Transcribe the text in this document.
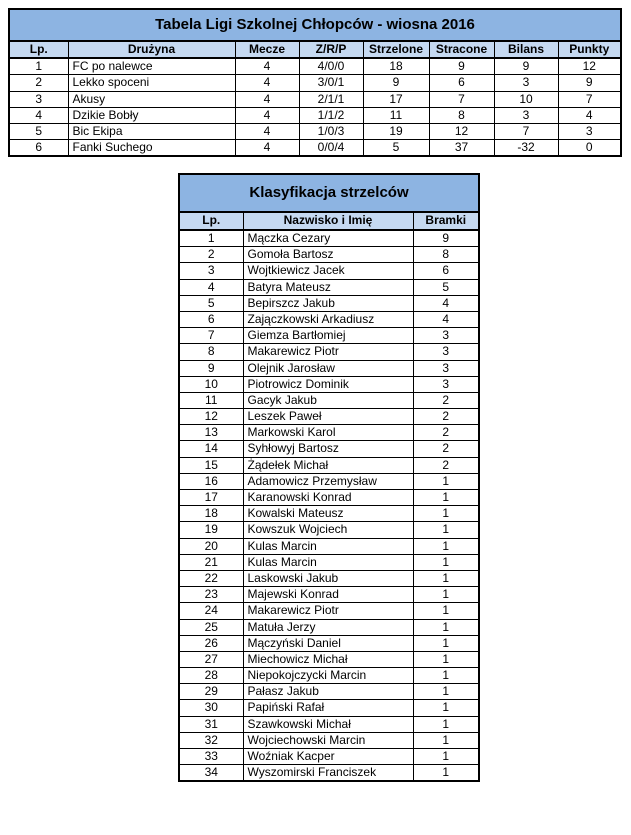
Tabela Ligi Szkolnej Chłopców - wiosna 2016							
Lp.	Drużyna	Mecze	Z/R/P	Strzelone	Stracone	Bilans	Punkty
1	FC po nalewce	4	4/0/0	18	9	9	12
2	Lekko spoceni	4	3/0/1	9	6	3	9
3	Akusy	4	2/1/1	17	7	10	7
4	Dzikie Bobły	4	1/1/2	11	8	3	4
5	Bic Ekipa	4	1/0/3	19	12	7	3
6	Fanki Suchego	4	0/0/4	5	37	-32	0
Klasyfikacja strzelców		
Lp.	Nazwisko i Imię	Bramki
1	Mączka Cezary	9
2	Gomoła Bartosz	8
3	Wojtkiewicz Jacek	6
4	Batyra Mateusz	5
5	Bepirszcz Jakub	4
6	Zajączkowski Arkadiusz	4
7	Giemza Bartłomiej	3
8	Makarewicz Piotr	3
9	Olejnik Jarosław	3
10	Piotrowicz Dominik	3
11	Gacyk Jakub	2
12	Leszek Paweł	2
13	Markowski Karol	2
14	Syhłowyj Bartosz	2
15	Żądełek Michał	2
16	Adamowicz Przemysław	1
17	Karanowski Konrad	1
18	Kowalski Mateusz	1
19	Kowszuk Wojciech	1
20	Kulas Marcin	1
21	Kulas Marcin	1
22	Laskowski Jakub	1
23	Majewski Konrad	1
24	Makarewicz Piotr	1
25	Matuła Jerzy	1
26	Mączyński Daniel	1
27	Miechowicz Michał	1
28	Niepokojczycki Marcin	1
29	Pałasz Jakub	1
30	Papiński Rafał	1
31	Szawkowski Michał	1
32	Wojciechowski Marcin	1
33	Woźniak Kacper	1
34	Wyszomirski Franciszek	1
